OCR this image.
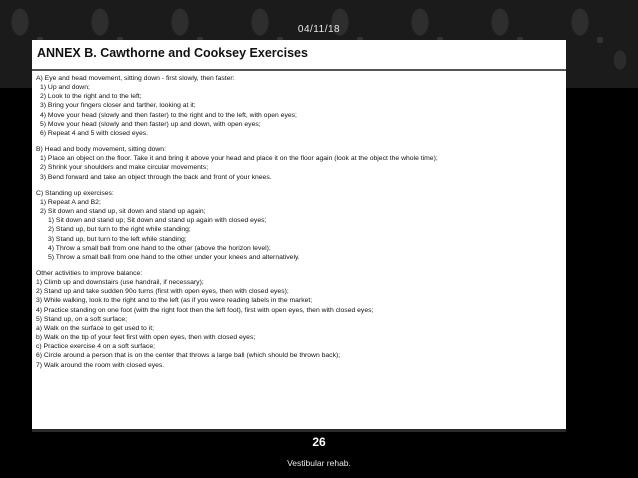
04/11/18
ANNEX B. Cawthorne and Cooksey Exercises
A) Eye and head movement, sitting down - first slowly, then faster:
1) Up and down;
2) Look to the right and to the left;
3) Bring your fingers closer and farther, looking at it;
4) Move your head (slowly and then faster) to the right and to the left, with open eyes;
5) Move your head (slowly and then faster) up and down, with open eyes;
6) Repeat 4 and 5 with closed eyes.
B) Head and body movement, sitting down:
1) Place an object on the floor. Take it and bring it above your head and place it on the floor again (look at the object the whole time);
2) Shrink your shoulders and make circular movements;
3) Bend forward and take an object through the back and front of your knees.
C) Standing up exercises:
1) Repeat A and B2;
2) Sit down and stand up, sit down and stand up again;
1) Sit down and stand up; Sit down and stand up again with closed eyes;
2) Stand up, but turn to the right while standing;
3) Stand up, but turn to the left while standing;
4) Throw a small ball from one hand to the other (above the horizon level);
5) Throw a small ball from one hand to the other under your knees and alternatively.
Other activities to improve balance:
1) Climb up and downstairs (use handrail, if necessary);
2) Stand up and take sudden 90o turns (first with open eyes, then with closed eyes);
3) While walking, look to the right and to the left (as if you were reading labels in the market;
4) Practice standing on one foot (with the right foot then the left foot), first with open eyes, then with closed eyes;
5) Stand up, on a soft surface;
a) Walk on the surface to get used to it;
b) Walk on the tip of your feet first with open eyes, then with closed eyes;
c) Practice exercise 4 on a soft surface;
6) Circle around a person that is on the center that throws a large ball (which should be thrown back);
7) Walk around the room with closed eyes.
26
Vestibular rehab.
